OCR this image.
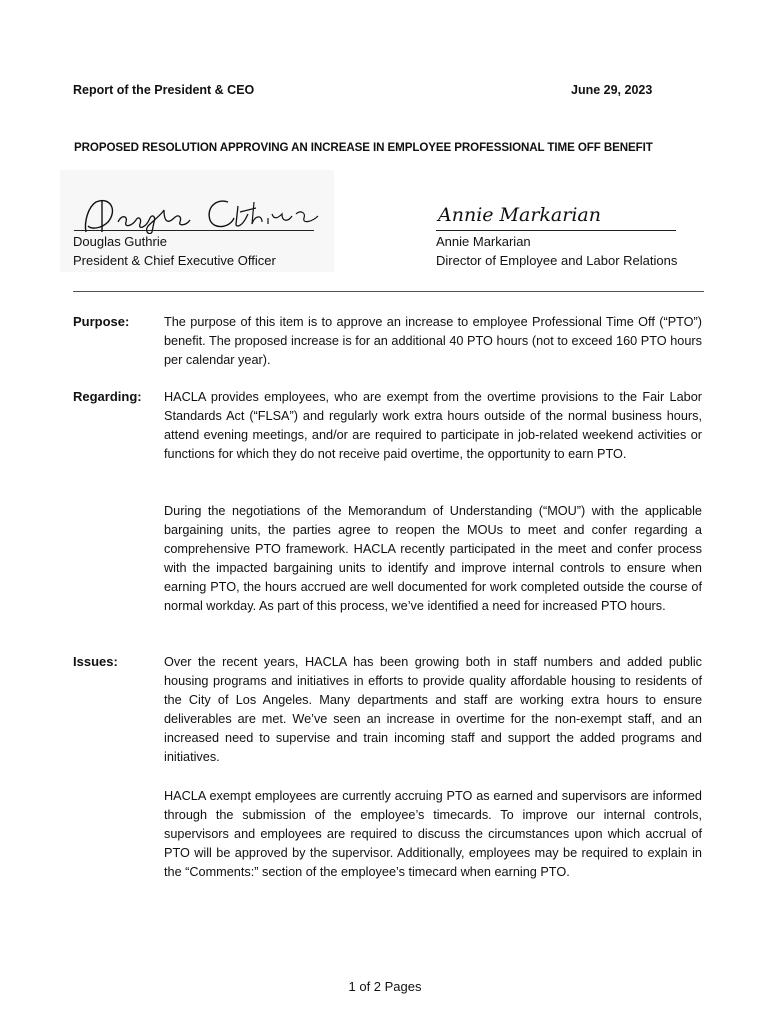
Report of the President & CEO	June 29, 2023
PROPOSED RESOLUTION APPROVING AN INCREASE IN EMPLOYEE PROFESSIONAL TIME OFF BENEFIT
Douglas Guthrie
President & Chief Executive Officer
Annie Markarian
Annie Markarian
Director of Employee and Labor Relations
Purpose:	The purpose of this item is to approve an increase to employee Professional Time Off (“PTO”) benefit. The proposed increase is for an additional 40 PTO hours (not to exceed 160 PTO hours per calendar year).

Regarding: HACLA provides employees, who are exempt from the overtime provisions to the Fair Labor Standards Act (“FLSA”) and regularly work extra hours outside of the normal business hours, attend evening meetings, and/or are required to participate in job-related weekend activities or functions for which they do not receive paid overtime, the opportunity to earn PTO.

During the negotiations of the Memorandum of Understanding (“MOU”) with the applicable bargaining units, the parties agree to reopen the MOUs to meet and confer regarding a comprehensive PTO framework. HACLA recently participated in the meet and confer process with the impacted bargaining units to identify and improve internal controls to ensure when earning PTO, the hours accrued are well documented for work completed outside the course of normal workday. As part of this process, we’ve identified a need for increased PTO hours.

Issues:	Over the recent years, HACLA has been growing both in staff numbers and added public housing programs and initiatives in efforts to provide quality affordable housing to residents of the City of Los Angeles. Many departments and staff are working extra hours to ensure deliverables are met. We’ve seen an increase in overtime for the non-exempt staff, and an increased need to supervise and train incoming staff and support the added programs and initiatives.

HACLA exempt employees are currently accruing PTO as earned and supervisors are informed through the submission of the employee’s timecards. To improve our internal controls, supervisors and employees are required to discuss the circumstances upon which accrual of PTO will be approved by the supervisor. Additionally, employees may be required to explain in the “Comments:” section of the employee’s timecard when earning PTO.

1 of 2 Pages
